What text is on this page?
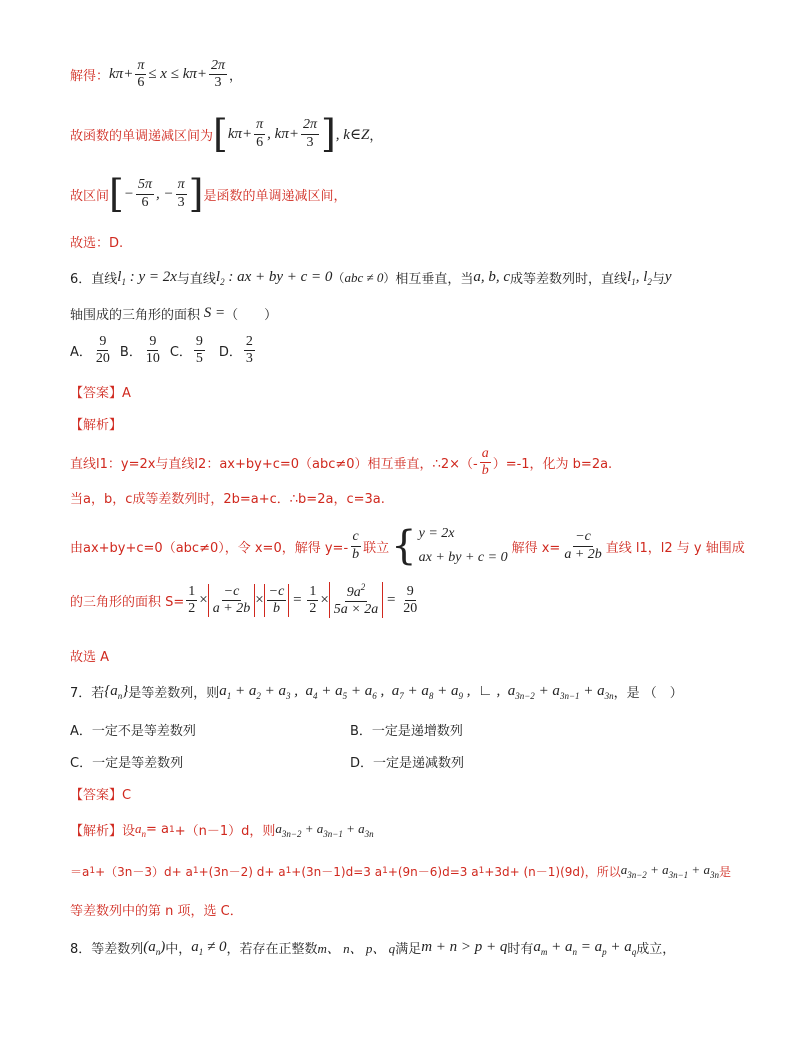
解得： $k\pi+ \frac{\pi}{6} \le x \le k\pi+ \frac{2\pi}{3}$ ，
故函数的单调递减区间为 [ $k\pi+ \frac{\pi}{6}$ , $k\pi+ \frac{2\pi}{3}$ ] , k∈Z ，
故区间 [ − $\frac{5\pi}{6}$ , − $\frac{\pi}{3}$ ] 是函数的单调递减区间，
故选：D.
6．直线 $l_1$ : y = 2x 与直线 $l_2$ : ax + by + c = 0 （ abc ≠ 0 ） 相互垂直，当 a, b, c 成等差数列时，直线 $l_1$, $l_2$ 与 y
轴围成的三角形的面积 S = （　　）
A． $\frac{9}{20}$ B． $\frac{9}{10}$ C． $\frac{9}{5}$ D． $\frac{2}{3}$
【答案】A
【解析】
直线l1：y=2x与直线l2：ax+by+c=0（abc≠0）相互垂直，∴2×（- $\frac{a}{b} )=-1$，化为 b=2a.
当a，b，c成等差数列时，2b=a+c．∴b=2a，c=3a.
由ax+by+c=0（abc≠0），令 x=0，解得 $y=- \frac{c}{b}$ 联立 { y = 2x
ax + by + c = 0
解得 $x= \frac{-c}{a + 2b}$ 直线 l1，l2 与 y 轴围成
的三角形的面积 $S= \frac{1}{2} \times \frac{-c}{a + 2b} \times \frac{-c}{b} = \frac{1}{2} \times \frac{9a^2}{5a \times 2a} = \frac{9}{20}$
故选 A
7．若 $\{a_n\}$ 是等差数列，则 $a_1 + a_2 + a_3$ ,  $a_4 + a_5 + a_6$ ,  $a_7 + a_8 + a_9$ ,  ∟ ,  $a_{3n-2} + a_{3n-1} + a_{3n}$ ，是 （　）
A．一定不是等差数列	B．一定是递增数列
C．一定是等差数列	D．一定是递减数列
【答案】C
【解析】设 $a_n = a$ 1 +（n－1）d，则 $a_{3n-2} + a_{3n-1} + a_{3n}$
＝a 1 +（3n－3）d+ a 1 +(3n－2) d+ a 1 +(3n－1)d=3 a 1 +(9n－6)d=3 a 1 +3d+ (n－1)(9d)，所以 $a_{3n-2} + a_{3n-1} + a_{3n}$ 是
等差数列中的第 n 项，选 C．
8．等差数列 $(a_n)$ 中， $a_1 \ne 0$ ，若存在正整数 m、 n、 p、 q 满足 m + n > p + q 时有 $a_m + a_n = a_p + a_q$ 成立，
